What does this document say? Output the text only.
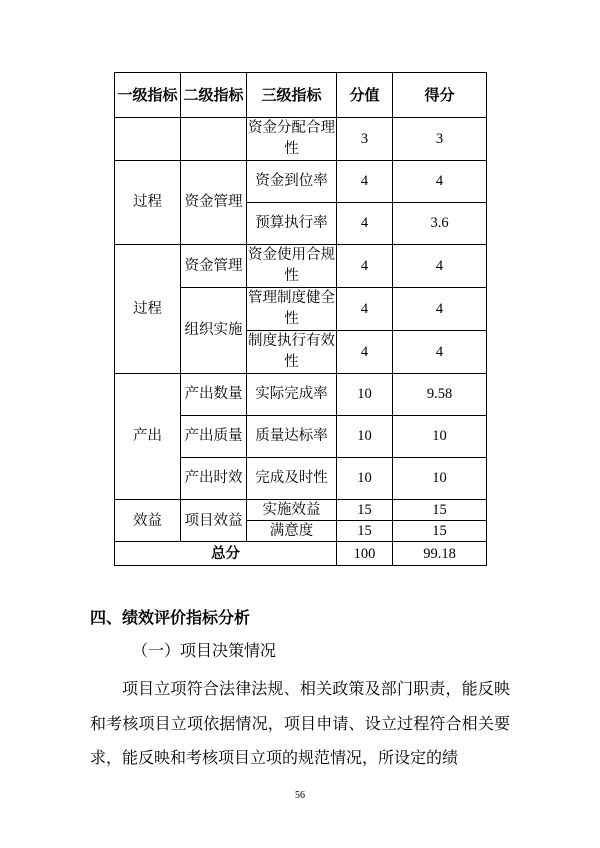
一级指标	二级指标	三级指标	分值	得分
		资金分配合理性	3	3
过程	资金管理	资金到位率	4	4
		预算执行率	4	3.6
过程	资金管理	资金使用合规性	4	4
	组织实施	管理制度健全性	4	4
		制度执行有效性	4	4
产出	产出数量	实际完成率	10	9.58
	产出质量	质量达标率	10	10
	产出时效	完成及时性	10	10
效益	项目效益	实施效益	15	15
		满意度	15	15
总分			100	99.18
四、绩效评价指标分析
（一）项目决策情况
项目立项符合法律法规、相关政策及部门职责，能反映和考核项目立项依据情况，项目申请、设立过程符合相关要求，能反映和考核项目立项的规范情况，所设定的绩
56
